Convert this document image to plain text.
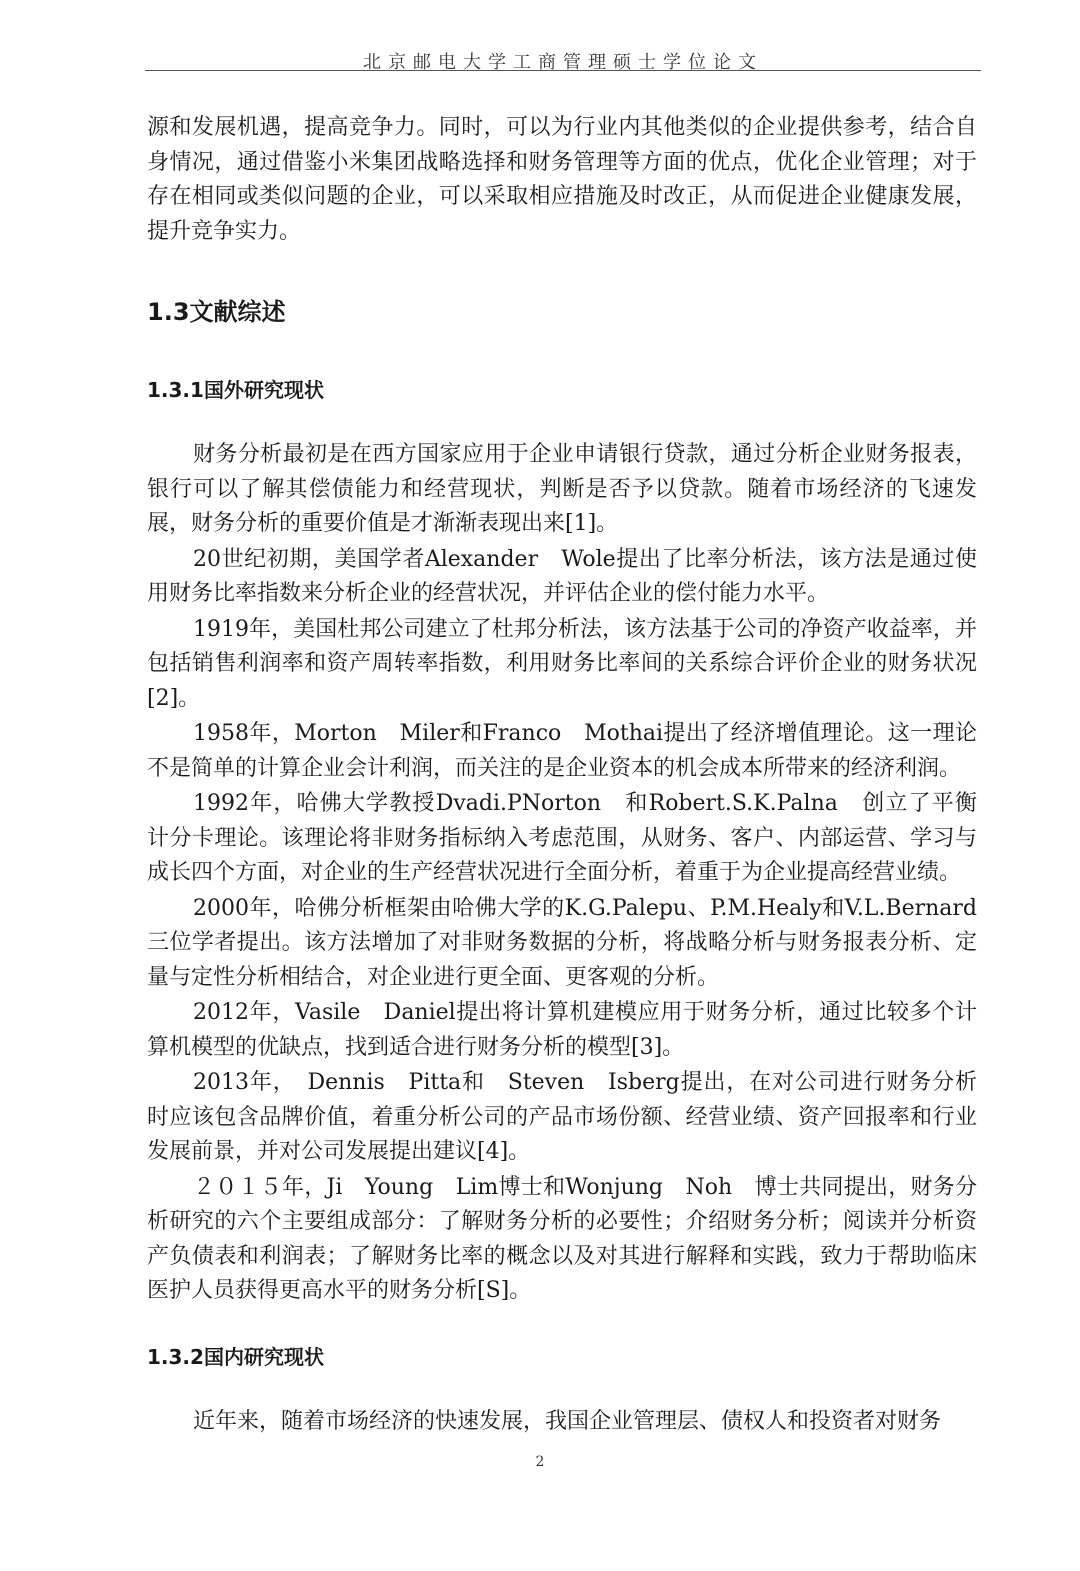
北京邮电大学工商管理硕士学位论文

源和发展机遇，提高竞争力。同时，可以为行业内其他类似的企业提供参考，结合自身情况，通过借鉴小米集团战略选择和财务管理等方面的优点，优化企业管理；对于存在相同或类似问题的企业，可以采取相应措施及时改正，从而促进企业健康发展，提升竞争实力。

1.3文献综述
1.3.1国外研究现状

财务分析最初是在西方国家应用于企业申请银行贷款，通过分析企业财务报表，银行可以了解其偿债能力和经营现状，判断是否予以贷款。随着市场经济的飞速发展，财务分析的重要价值是才渐渐表现出来[1]。

20世纪初期，美国学者Alexander　Wole提出了比率分析法，该方法是通过使用财务比率指数来分析企业的经营状况，并评估企业的偿付能力水平。

1919年，美国杜邦公司建立了杜邦分析法，该方法基于公司的净资产收益率，并包括销售利润率和资产周转率指数，利用财务比率间的关系综合评价企业的财务状况[2]。

1958年，Morton　Miler和Franco　Mothai提出了经济增值理论。这一理论不是简单的计算企业会计利润，而关注的是企业资本的机会成本所带来的经济利润。

1992年，哈佛大学教授Dvadi.PNorton　和Robert.S.K.Palna　创立了平衡计分卡理论。该理论将非财务指标纳入考虑范围，从财务、客户、内部运营、学习与成长四个方面，对企业的生产经营状况进行全面分析，着重于为企业提高经营业绩。

2000年，哈佛分析框架由哈佛大学的K.G.Palepu、P.M.Healy和V.L.Bernard　三位学者提出。该方法增加了对非财务数据的分析，将战略分析与财务报表分析、定量与定性分析相结合，对企业进行更全面、更客观的分析。

2012年，Vasile　Daniel提出将计算机建模应用于财务分析，通过比较多个计算机模型的优缺点，找到适合进行财务分析的模型[3]。

2013年，　Dennis　Pitta和　Steven　Isberg提出，在对公司进行财务分析时应该包含品牌价值，着重分析公司的产品市场份额、经营业绩、资产回报率和行业发展前景，并对公司发展提出建议[4]。

２０１５年，Ji　Young　Lim博士和Wonjung　Noh　博士共同提出，财务分析研究的六个主要组成部分：了解财务分析的必要性；介绍财务分析；阅读并分析资产负债表和利润表；了解财务比率的概念以及对其进行解释和实践，致力于帮助临床医护人员获得更高水平的财务分析[S]。

1.3.2国内研究现状

近年来，随着市场经济的快速发展，我国企业管理层、债权人和投资者对财务

2
